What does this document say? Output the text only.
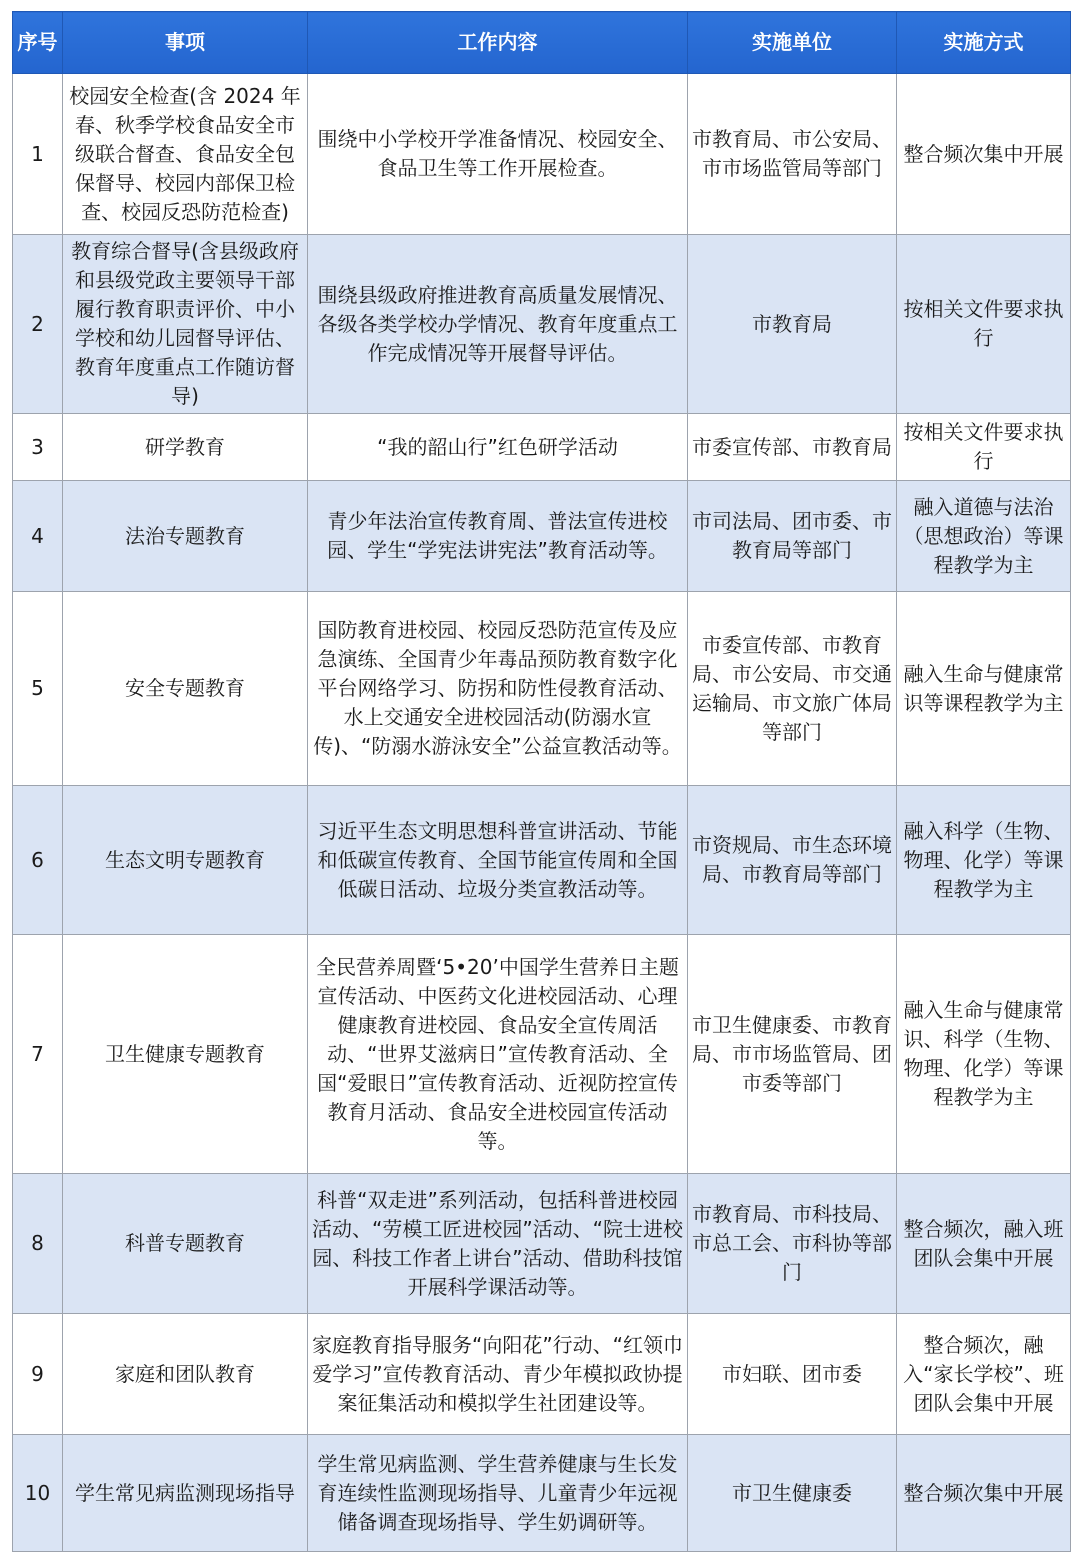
序号	事项	工作内容	实施单位	实施方式
1	校园安全检查(含 2024 年春、秋季学校食品安全市级联合督查、食品安全包保督导、校园内部保卫检查、校园反恐防范检查)	围绕中小学校开学准备情况、校园安全、食品卫生等工作开展检查。	市教育局、市公安局、市市场监管局等部门	整合频次集中开展
2	教育综合督导(含县级政府和县级党政主要领导干部履行教育职责评价、中小学校和幼儿园督导评估、教育年度重点工作随访督导)	围绕县级政府推进教育高质量发展情况、各级各类学校办学情况、教育年度重点工作完成情况等开展督导评估。	市教育局	按相关文件要求执行
3	研学教育	“我的韶山行”红色研学活动	市委宣传部、市教育局	按相关文件要求执行
4	法治专题教育	青少年法治宣传教育周、普法宣传进校园、学生“学宪法讲宪法”教育活动等。	市司法局、团市委、市教育局等部门	融入道德与法治（思想政治）等课程教学为主
5	安全专题教育	国防教育进校园、校园反恐防范宣传及应急演练、全国青少年毒品预防教育数字化平台网络学习、防拐和防性侵教育活动、水上交通安全进校园活动(防溺水宣传)、“防溺水游泳安全”公益宣教活动等。	市委宣传部、市教育局、市公安局、市交通运输局、市文旅广体局等部门	融入生命与健康常识等课程教学为主
6	生态文明专题教育	习近平生态文明思想科普宣讲活动、节能和低碳宣传教育、全国节能宣传周和全国低碳日活动、垃圾分类宣教活动等。	市资规局、市生态环境局、市教育局等部门	融入科学（生物、物理、化学）等课程教学为主
7	卫生健康专题教育	全民营养周暨‘5•20’中国学生营养日主题宣传活动、中医药文化进校园活动、心理健康教育进校园、食品安全宣传周活动、“世界艾滋病日”宣传教育活动、全国“爱眼日”宣传教育活动、近视防控宣传教育月活动、食品安全进校园宣传活动等。	市卫生健康委、市教育局、市市场监管局、团市委等部门	融入生命与健康常识、科学（生物、物理、化学）等课程教学为主
8	科普专题教育	科普“双走进”系列活动，包括科普进校园活动、“劳模工匠进校园”活动、“院士进校园、科技工作者上讲台”活动、借助科技馆开展科学课活动等。	市教育局、市科技局、市总工会、市科协等部门	整合频次，融入班团队会集中开展
9	家庭和团队教育	家庭教育指导服务“向阳花”行动、“红领巾爱学习”宣传教育活动、青少年模拟政协提案征集活动和模拟学生社团建设等。	市妇联、团市委	整合频次，融入“家长学校”、班团队会集中开展
10	学生常见病监测现场指导	学生常见病监测、学生营养健康与生长发育连续性监测现场指导、儿童青少年远视储备调查现场指导、学生奶调研等。	市卫生健康委	整合频次集中开展
